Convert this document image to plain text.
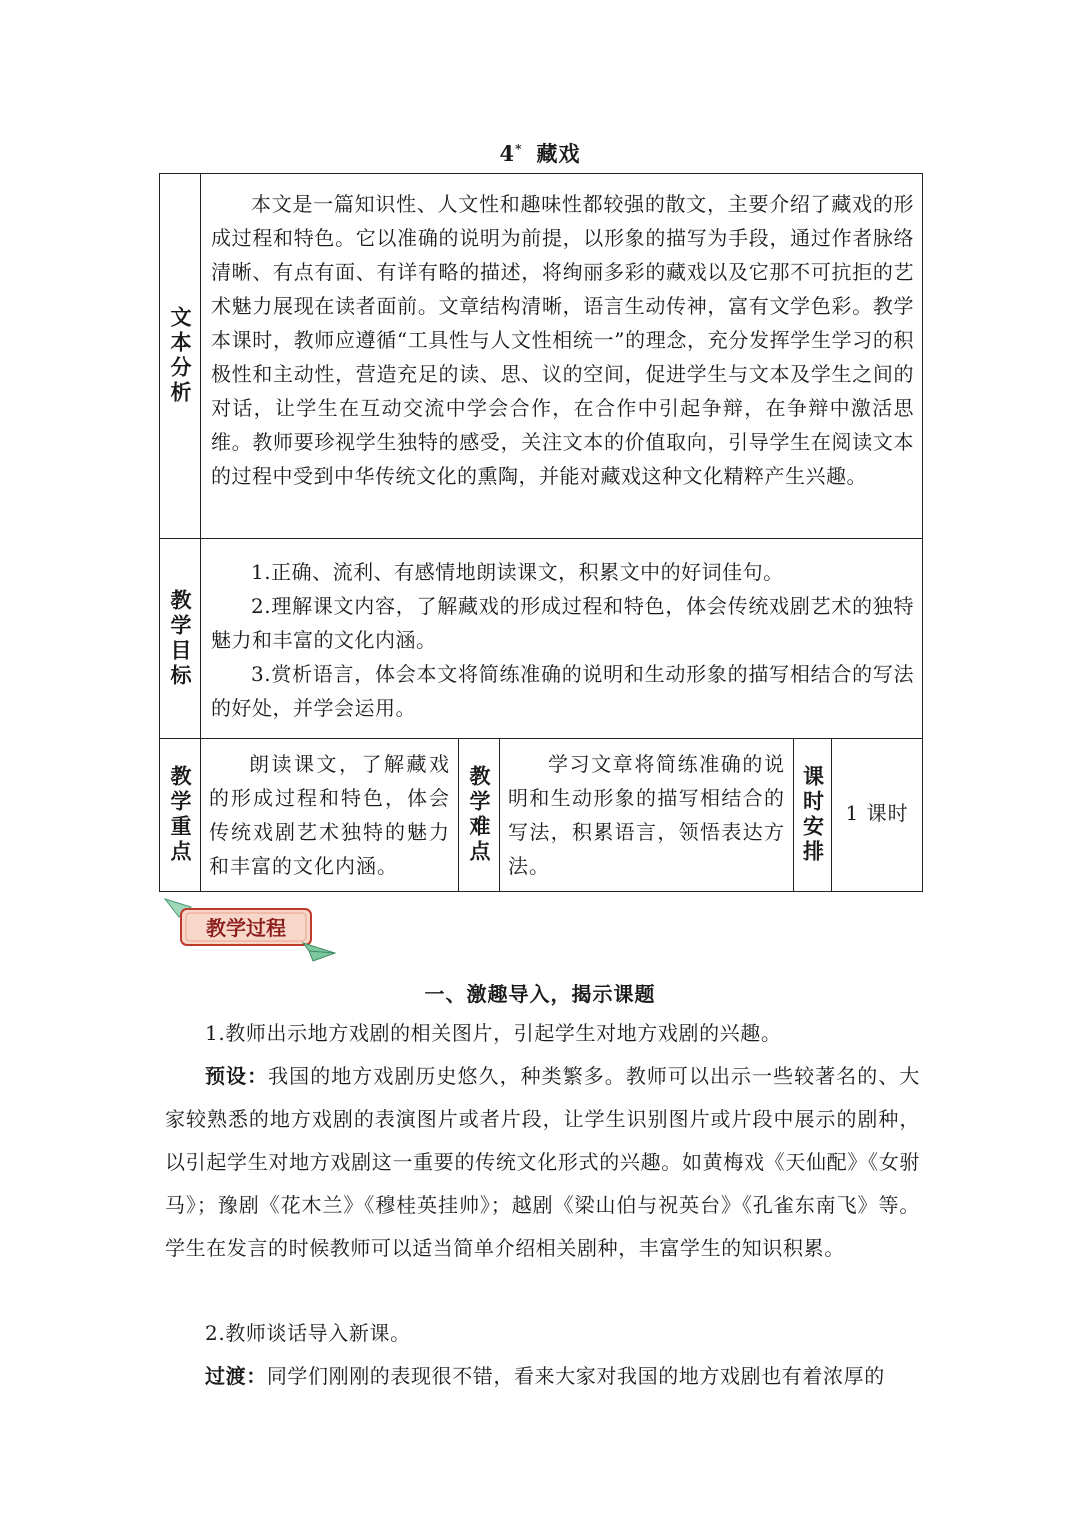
4* 藏戏
文本分析	本文是一篇知识性、人文性和趣味性都较强的散文，主要介绍了藏戏的形成过程和特色。它以准确的说明为前提，以形象的描写为手段，通过作者脉络清晰、有点有面、有详有略的描述，将绚丽多彩的藏戏以及它那不可抗拒的艺术魅力展现在读者面前。文章结构清晰，语言生动传神，富有文学色彩。教学本课时，教师应遵循“工具性与人文性相统一”的理念，充分发挥学生学习的积极性和主动性，营造充足的读、思、议的空间，促进学生与文本及学生之间的对话，让学生在互动交流中学会合作，在合作中引起争辩，在争辩中激活思维。教师要珍视学生独特的感受，关注文本的价值取向，引导学生在阅读文本的过程中受到中华传统文化的熏陶，并能对藏戏这种文化精粹产生兴趣。				

教学目标	1.正确、流利、有感情地朗读课文，积累文中的好词佳句。

2.理解课文内容，了解藏戏的形成过程和特色，体会传统戏剧艺术的独特魅力和丰富的文化内涵。

3.赏析语言，体会本文将简练准确的说明和生动形象的描写相结合的写法的好处，并学会运用。				

教学重点	朗读课文，了解藏戏的形成过程和特色，体会传统戏剧艺术独特的魅力和丰富的文化内涵。	教学难点	学习文章将简练准确的说明和生动形象的描写相结合的写法，积累语言，领悟表达方法。	课时安排	1 课时
教学过程
一、激趣导入，揭示课题

1.教师出示地方戏剧的相关图片，引起学生对地方戏剧的兴趣。

预设：我国的地方戏剧历史悠久，种类繁多。教师可以出示一些较著名的、大家较熟悉的地方戏剧的表演图片或者片段，让学生识别图片或片段中展示的剧种，以引起学生对地方戏剧这一重要的传统文化形式的兴趣。如黄梅戏《天仙配》《女驸马》；豫剧《花木兰》《穆桂英挂帅》；越剧《梁山伯与祝英台》《孔雀东南飞》等。学生在发言的时候教师可以适当简单介绍相关剧种，丰富学生的知识积累。

2.教师谈话导入新课。

过渡：同学们刚刚的表现很不错，看来大家对我国的地方戏剧也有着浓厚的
